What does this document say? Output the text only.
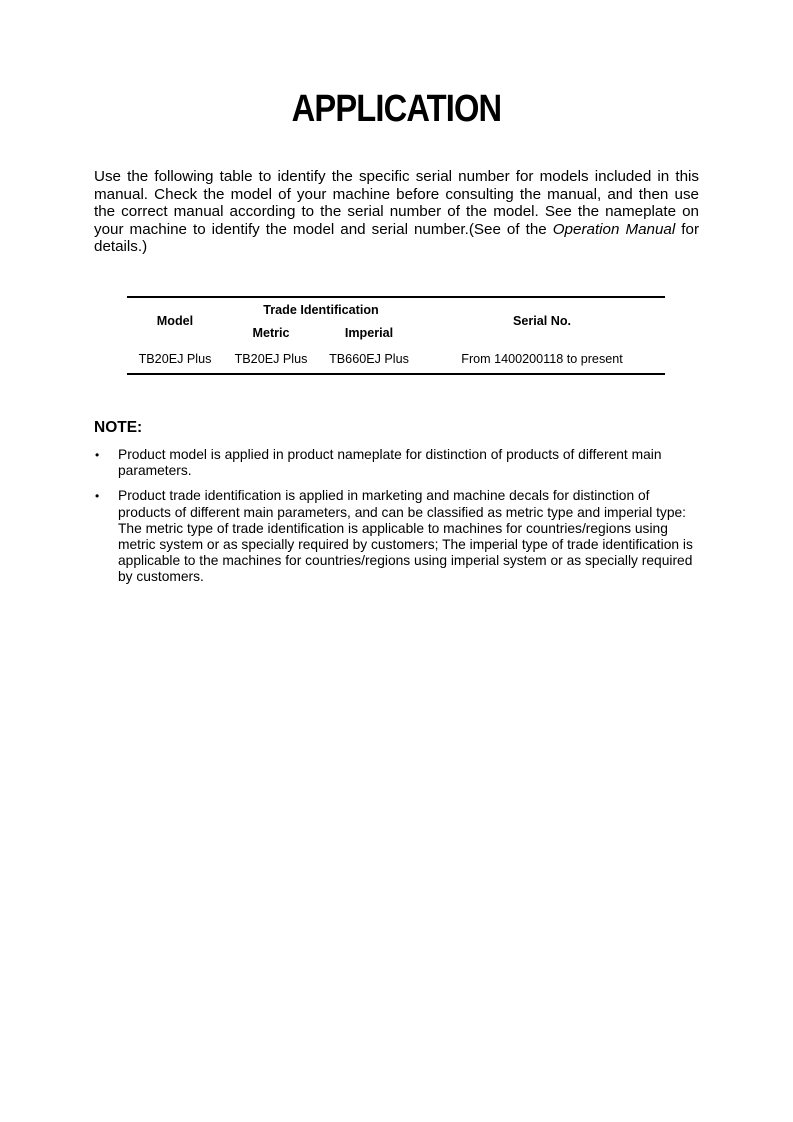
APPLICATION

Use the following table to identify the specific serial number for models included in this manual. Check the model of your machine before consulting the manual, and then use the correct manual according to the serial number of the model. See the nameplate on your machine to identify the model and serial number.(See of the Operation Manual for details.)

Model	Trade Identification		Serial No.
	Metric	Imperial	
TB20EJ Plus	TB20EJ Plus	TB660EJ Plus	From 1400200118 to present
NOTE:
• Product model is applied in product nameplate for distinction of products of different main parameters.
• Product trade identification is applied in marketing and machine decals for distinction of products of different main parameters, and can be classified as metric type and imperial type: The metric type of trade identification is applicable to machines for countries/regions using metric system or as specially required by customers; The imperial type of trade identification is applicable to the machines for countries/regions using imperial system or as specially required by customers.
